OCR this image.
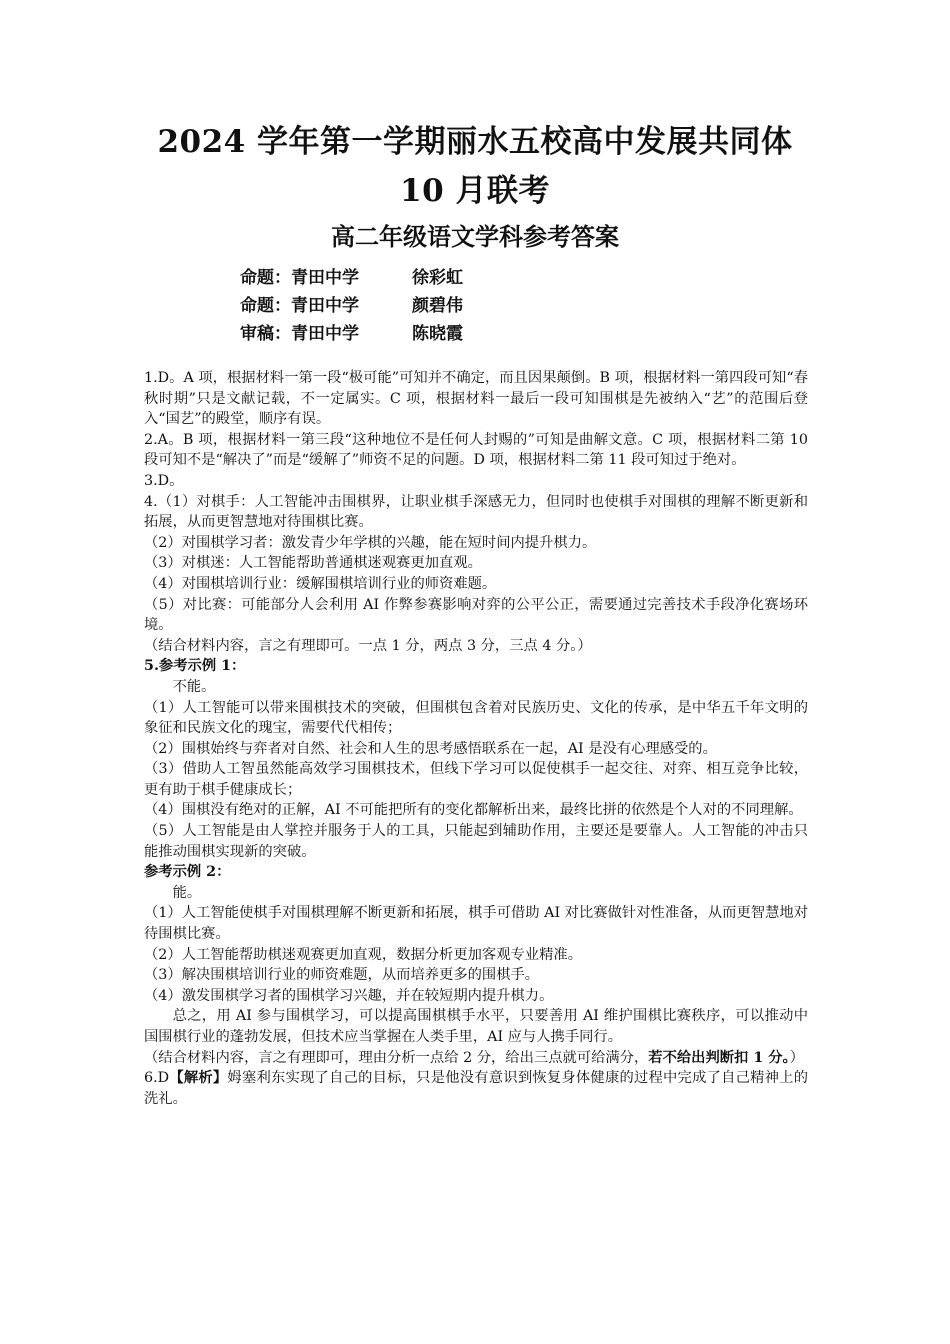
2024 学年第一学期丽水五校高中发展共同体 10 月联考
高二年级语文学科参考答案
命题：青田中学	徐彩虹
命题：青田中学	颜碧伟
审稿：青田中学	陈晓霞

1.D。A 项，根据材料一第一段“极可能”可知并不确定，而且因果颠倒。B 项，根据材料一第四段可知“春秋时期”只是文献记载，不一定属实。C 项，根据材料一最后一段可知围棋是先被纳入“艺”的范围后登入“国艺”的殿堂，顺序有误。

2.A。B 项，根据材料一第三段“这种地位不是任何人封赐的”可知是曲解文意。C 项，根据材料二第 10 段可知不是“解决了”而是“缓解了”师资不足的问题。D 项，根据材料二第 11 段可知过于绝对。

3.D。

4.（1）对棋手：人工智能冲击围棋界，让职业棋手深感无力，但同时也使棋手对围棋的理解不断更新和拓展，从而更智慧地对待围棋比赛。

（2）对围棋学习者：激发青少年学棋的兴趣，能在短时间内提升棋力。

（3）对棋迷：人工智能帮助普通棋迷观赛更加直观。

（4）对围棋培训行业：缓解围棋培训行业的师资难题。

（5）对比赛：可能部分人会利用 AI 作弊参赛影响对弈的公平公正，需要通过完善技术手段净化赛场环境。

（结合材料内容，言之有理即可。一点 1 分，两点 3 分，三点 4 分。）

5.参考示例 1：

不能。

（1）人工智能可以带来围棋技术的突破，但围棋包含着对民族历史、文化的传承，是中华五千年文明的象征和民族文化的瑰宝，需要代代相传；

（2）围棋始终与弈者对自然、社会和人生的思考感悟联系在一起，AI 是没有心理感受的。

（3）借助人工智虽然能高效学习围棋技术，但线下学习可以促使棋手一起交往、对弈、相互竞争比较，更有助于棋手健康成长；

（4）围棋没有绝对的正解，AI 不可能把所有的变化都解析出来，最终比拼的依然是个人对的不同理解。

（5）人工智能是由人掌控并服务于人的工具，只能起到辅助作用，主要还是要靠人。人工智能的冲击只能推动围棋实现新的突破。

参考示例 2：

能。

（1）人工智能使棋手对围棋理解不断更新和拓展，棋手可借助 AI 对比赛做针对性准备，从而更智慧地对待围棋比赛。

（2）人工智能帮助棋迷观赛更加直观，数据分析更加客观专业精准。

（3）解决围棋培训行业的师资难题，从而培养更多的围棋手。

（4）激发围棋学习者的围棋学习兴趣，并在较短期内提升棋力。

总之，用 AI 参与围棋学习，可以提高围棋棋手水平，只要善用 AI 维护围棋比赛秩序，可以推动中国围棋行业的蓬勃发展，但技术应当掌握在人类手里，AI 应与人携手同行。

（结合材料内容，言之有理即可，理由分析一点给 2 分，给出三点就可给满分，若不给出判断扣 1 分。）

6.D【解析】姆塞利东实现了自己的目标，只是他没有意识到恢复身体健康的过程中完成了自己精神上的洗礼。
